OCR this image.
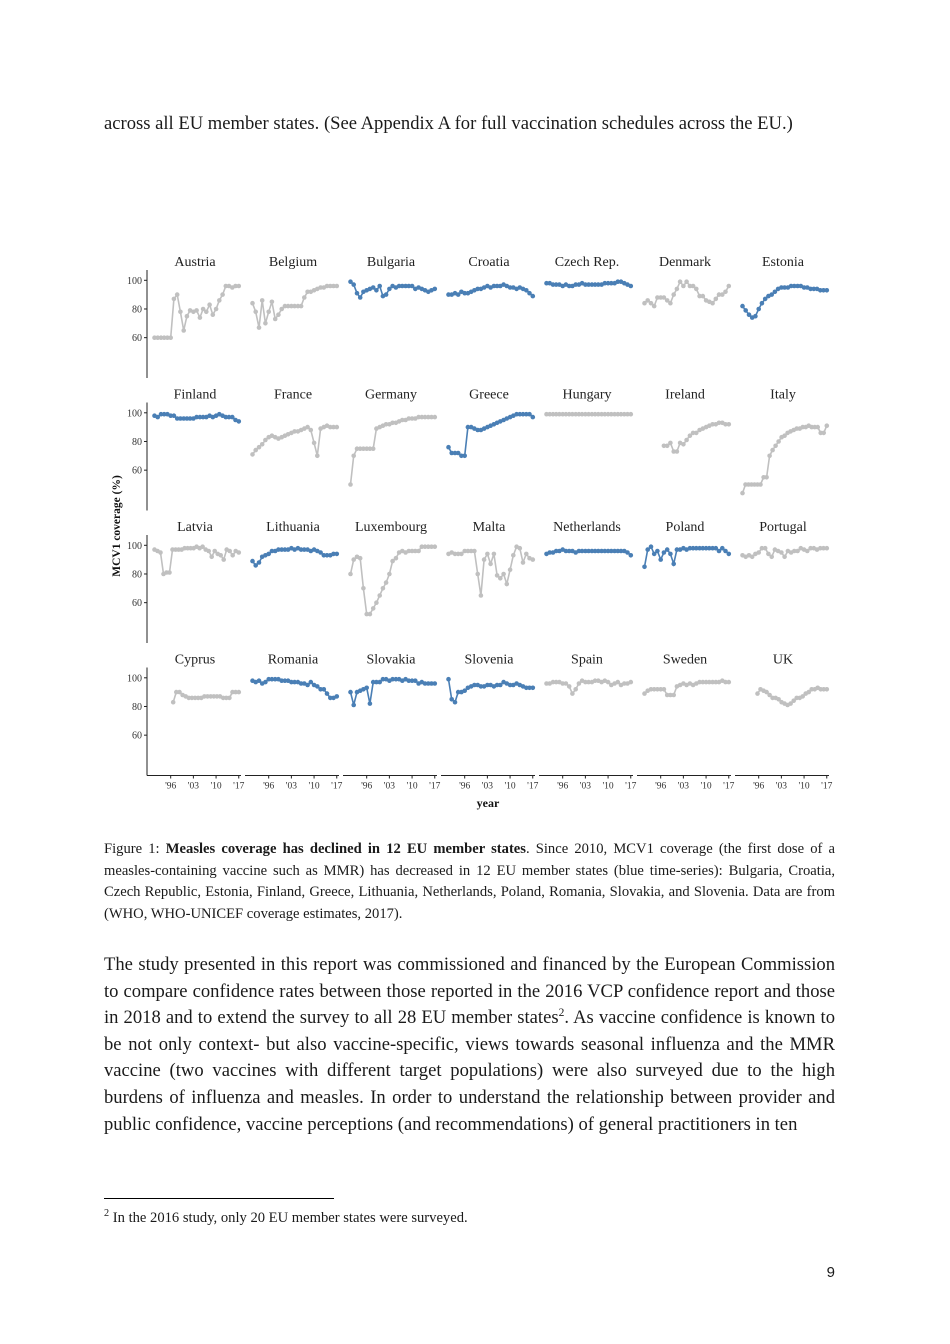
across all EU member states. (See Appendix A for full vaccination schedules across the EU.)

60
80
100
60
80
100
60
80
100
60
80
100
'96 '03 '10 '17 '96 '03 '10 '17 '96 '03 '10 '17 '96 '03 '10 '17 '96 '03 '10 '17 '96 '03 '10 '17 '96 '03 '10 '17
Austria	Belgium	Bulgaria	Croatia	Czech Rep.	Denmark	Estonia
Finland	France	Germany	Greece	Hungary	Ireland	Italy
Latvia	Lithuania	Luxembourg	Malta	Netherlands	Poland	Portugal
Cyprus	Romania	Slovakia	Slovenia	Spain	Sweden	UK
MCV1 coverage (%)
year

Figure 1: Measles coverage has declined in 12 EU member states. Since 2010, MCV1 coverage (the first dose of a measles-containing vaccine such as MMR) has decreased in 12 EU member states (blue time-series): Bulgaria, Croatia, Czech Republic, Estonia, Finland, Greece, Lithuania, Netherlands, Poland, Romania, Slovakia, and Slovenia. Data are from (WHO, WHO-UNICEF coverage estimates, 2017).

The study presented in this report was commissioned and financed by the European Commission to compare confidence rates between those reported in the 2016 VCP confidence report and those in 2018 and to extend the survey to all 28 EU member states$^2$. As vaccine confidence is known to be not only context- but also vaccine-specific, views towards seasonal influenza and the MMR vaccine (two vaccines with different target populations) were also surveyed due to the high burdens of influenza and measles. In order to understand the relationship between provider and public confidence, vaccine perceptions (and recommendations) of general practitioners in ten

$^2$ In the 2016 study, only 20 EU member states were surveyed.

9
